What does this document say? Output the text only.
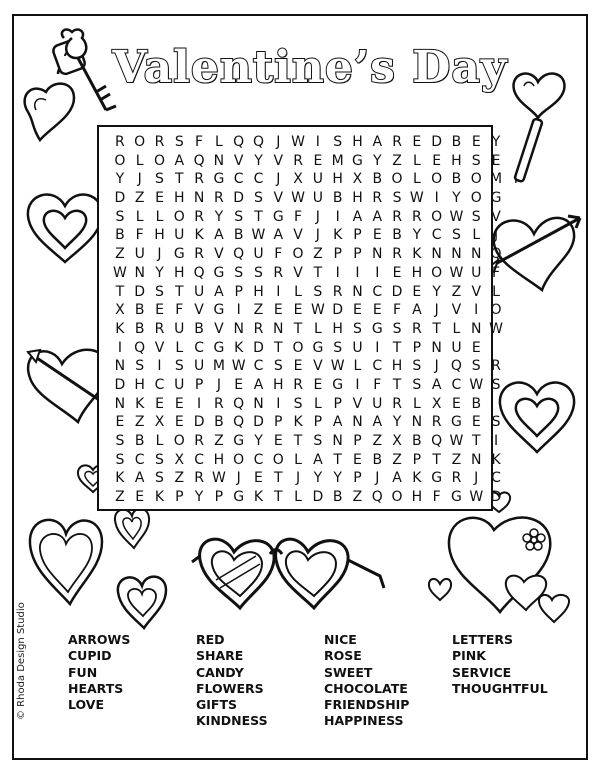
Valentine’s Day
R O R S F L Q Q J W I S H A R E D B E Y
O L O A Q N V Y V R E M G Y Z L E H S E
Y J S T R G C C J X U H X B O L O B O M I
D Z E H N R D S V W U B H R S W I Y O G
S L L O R Y S T G F J I A A R R O W S V
B F H U K A B W A V J K P E B Y C S L J
Z U J G R V Q U F O Z P P N R K N N N Q
W N Y H Q G S S R V T I I I E H O W U F
T D S T U A P H I L S R N C D E Y Z V L
X B E F V G I Z E E W D E E F A J V I O
K B R U B V N R N T L H S G S R T L N W
I Q V L C G K D T O G S U I T P N U E
N S I S U M W C S E V W L C H S J Q S R
D H C U P J E A H R E G I F T S A C W S
N K E E I R Q N I S L P V U R L X E B
E Z X E D B Q D P K P A N A Y N R G E S
S B L O R Z G Y E T S N P Z X B Q W T I
S C S X C H O C O L A T E B Z P T Z N K
K A S Z R W J E T J Y Y P J A K G R J C
Z E K P Y P G K T L D B Z Q O H F G W D
ARROWS
CUPID
FUN
HEARTS
LOVE
RED
SHARE
CANDY
FLOWERS
GIFTS
KINDNESS
NICE
ROSE
SWEET
CHOCOLATE
FRIENDSHIP
HAPPINESS
LETTERS
PINK
SERVICE
THOUGHTFUL
© Rhoda Design Studio
